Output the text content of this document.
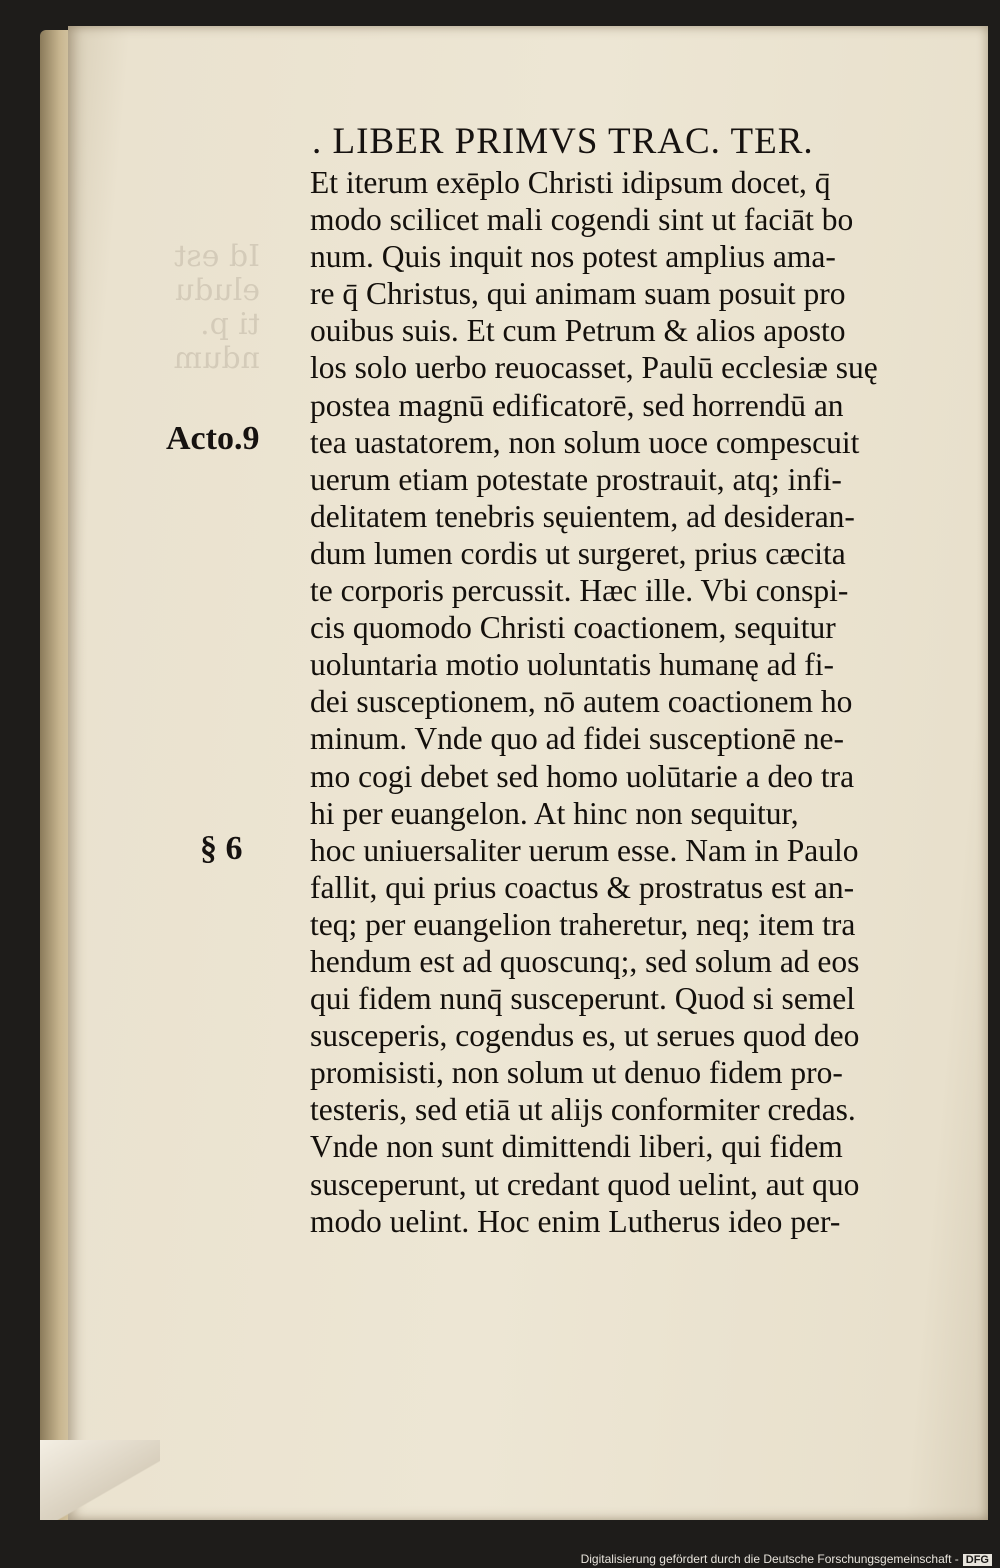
Id est
eludu
ti p.
ndum
. LIBER PRIMVS TRAC. TER.
Acto.9
§ 6
Et iterum exēplo Christi idipsum docet, q̄
modo scilicet mali cogendi sint ut faciāt bo
num. Quis inquit nos potest amplius ama-
re q̄ Christus, qui animam suam posuit pro
ouibus suis. Et cum Petrum & alios aposto
los solo uerbo reuocasset, Paulū ecclesiæ suę
postea magnū edificatorē, sed horrendū an
tea uastatorem, non solum uoce compescuit
uerum etiam potestate prostrauit, atq; infi-
delitatem tenebris sęuientem, ad desideran-
dum lumen cordis ut surgeret, prius cæcita
te corporis percussit. Hæc ille. Vbi conspi-
cis quomodo Christi coactionem, sequitur
uoluntaria motio uoluntatis humanę ad fi-
dei susceptionem, nō autem coactionem ho
minum. Vnde quo ad fidei susceptionē ne-
mo cogi debet sed homo uolūtarie a deo tra
hi per euangelon. At hinc non sequitur,
hoc uniuersaliter uerum esse. Nam in Paulo
fallit, qui prius coactus & prostratus est an-
teq; per euangelion traheretur, neq; item tra
hendum est ad quoscunq;, sed solum ad eos
qui fidem nunq̄ susceperunt. Quod si semel
susceperis, cogendus es, ut serues quod deo
promisisti, non solum ut denuo fidem pro-
testeris, sed etiā ut alijs conformiter credas.
Vnde non sunt dimittendi liberi, qui fidem
susceperunt, ut credant quod uelint, aut quo
modo uelint. Hoc enim Lutherus ideo per-
Digitalisierung gefördert durch die Deutsche Forschungsgemeinschaft - DFG
